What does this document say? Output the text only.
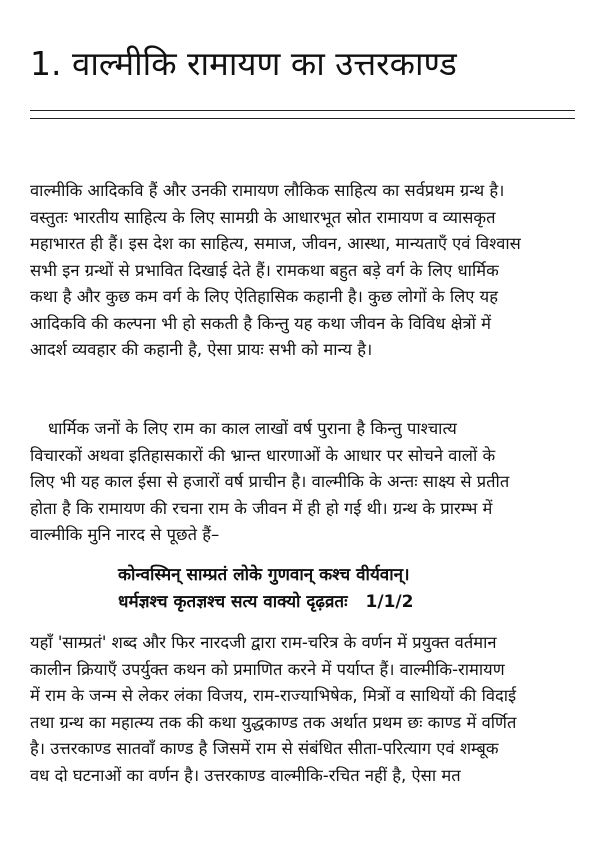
1. वाल्मीकि रामायण का उत्तरकाण्ड
वाल्मीकि आदिकवि हैं और उनकी रामायण लौकिक साहित्य का सर्वप्रथम ग्रन्थ है।
वस्तुतः भारतीय साहित्य के लिए सामग्री के आधारभूत स्रोत रामायण व व्यासकृत
महाभारत ही हैं। इस देश का साहित्य, समाज, जीवन, आस्था, मान्यताएँ एवं विश्वास
सभी इन ग्रन्थों से प्रभावित दिखाई देते हैं। रामकथा बहुत बड़े वर्ग के लिए धार्मिक
कथा है और कुछ कम वर्ग के लिए ऐतिहासिक कहानी है। कुछ लोगों के लिए यह
आदिकवि की कल्पना भी हो सकती है किन्तु यह कथा जीवन के विविध क्षेत्रों में
आदर्श व्यवहार की कहानी है, ऐसा प्रायः सभी को मान्य है।
धार्मिक जनों के लिए राम का काल लाखों वर्ष पुराना है किन्तु पाश्चात्य
विचारकों अथवा इतिहासकारों की भ्रान्त धारणाओं के आधार पर सोचने वालों के
लिए भी यह काल ईसा से हजारों वर्ष प्राचीन है। वाल्मीकि के अन्तः साक्ष्य से प्रतीत
होता है कि रामायण की रचना राम के जीवन में ही हो गई थी। ग्रन्थ के प्रारम्भ में
वाल्मीकि मुनि नारद से पूछते हैं–
कोन्वस्मिन् साम्प्रतं लोके गुणवान् कश्च वीर्यवान्।
धर्मज्ञश्च कृतज्ञश्च सत्य वाक्यो दृढ़व्रतः 1/1/2
यहाँ 'साम्प्रतं' शब्द और फिर नारदजी द्वारा राम-चरित्र के वर्णन में प्रयुक्त वर्तमान
कालीन क्रियाएँ उपर्युक्त कथन को प्रमाणित करने में पर्याप्त हैं। वाल्मीकि-रामायण
में राम के जन्म से लेकर लंका विजय, राम-राज्याभिषेक, मित्रों व साथियों की विदाई
तथा ग्रन्थ का महात्म्य तक की कथा युद्धकाण्ड तक अर्थात प्रथम छः काण्ड में वर्णित
है। उत्तरकाण्ड सातवाँ काण्ड है जिसमें राम से संबंधित सीता-परित्याग एवं शम्बूक
वध दो घटनाओं का वर्णन है। उत्तरकाण्ड वाल्मीकि-रचित नहीं है, ऐसा मत
